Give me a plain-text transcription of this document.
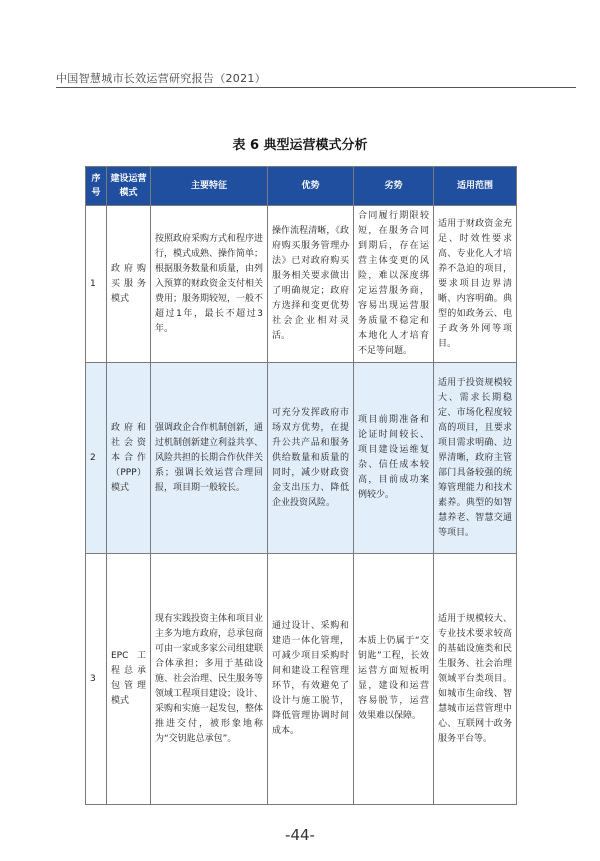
中国智慧城市长效运营研究报告（2021）
表 6 典型运营模式分析
序号	建设运营模式	主要特征	优势	劣势	适用范围

1	政府购买服务模式	按照政府采购方式和程序进行，模式成熟、操作简单；根据服务数量和质量，由列入预算的财政资金支付相关费用；服务期较短，一般不超过1年，最长不超过3年。	操作流程清晰，《政府购买服务管理办法》已对政府购买服务相关要求做出了明确规定；政府方选择和变更优势社会企业相对灵活。	合同履行期限较短，在服务合同到期后，存在运营主体变更的风险，难以深度绑定运营服务商，容易出现运营服务质量不稳定和本地化人才培育不足等问题。	适用于财政资金充足、时效性要求高、专业化人才培养不急迫的项目，要求项目边界清晰、内容明确。典型的如政务云、电子政务外网等项目。

2	政府和社会资本合作（PPP）模式	强调政企合作机制创新，通过机制创新建立利益共享、风险共担的长期合作伙伴关系；强调长效运营合理回报，项目期一般较长。	可充分发挥政府市场双方优势，在提升公共产品和服务供给数量和质量的同时，减少财政资金支出压力、降低企业投资风险。	项目前期准备和论证时间较长、项目建设运维复杂、信任成本较高，目前成功案例较少。	适用于投资规模较大、需求长期稳定、市场化程度较高的项目，且要求项目需求明确、边界清晰，政府主管部门具备较强的统筹管理能力和技术素养。典型的如智慧养老、智慧交通等项目。

3	EPC工程总承包管理模式	现有实践投资主体和项目业主多为地方政府，总承包商可由一家或多家公司组建联合体承担；多用于基础设施、社会治理、民生服务等领域工程项目建设；设计、采购和实施一起发包，整体推进交付，被形象地称为“交钥匙总承包”。	通过设计、采购和建造一体化管理，可减少项目采购时间和建设工程管理环节，有效避免了设计与施工脱节，降低管理协调时间成本。	本质上仍属于“交钥匙”工程，长效运营方面短板明显，建设和运营容易脱节，运营效果难以保障。	适用于规模较大、专业技术要求较高的基础设施类和民生服务、社会治理领域平台类项目。如城市生命线、智慧城市运营管理中心、互联网十政务服务平台等。
-44-
